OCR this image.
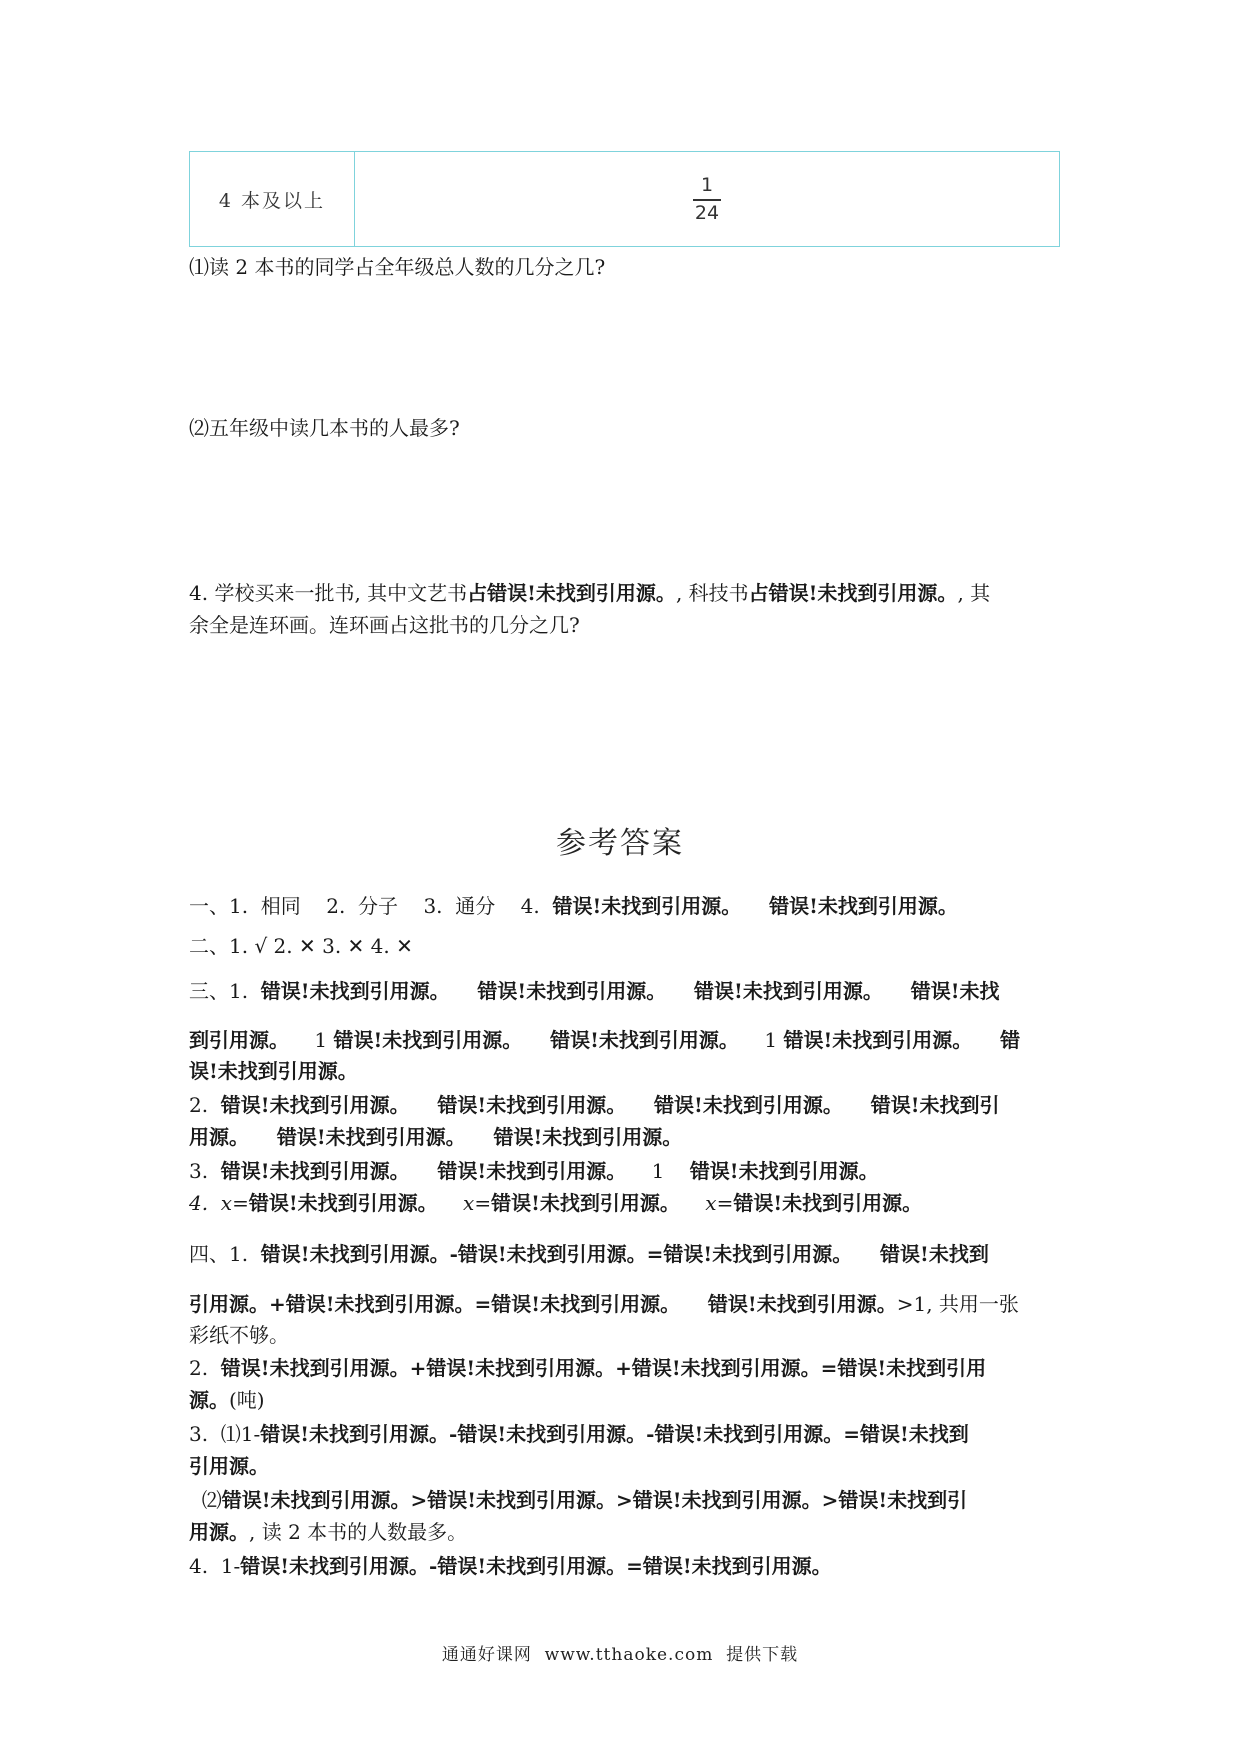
4 本及以上	$\frac{1}{24}$
⑴读 2 本书的同学占全年级总人数的几分之几?
⑵五年级中读几本书的人最多?
4. 学校买来一批书, 其中文艺书占错误!未找到引用源。, 科技书占错误!未找到引用源。, 其
余全是连环画。连环画占这批书的几分之几?
参考答案
一、1.  相同    2.  分子    3.  通分    4.  错误!未找到引用源。    错误!未找到引用源。
二、1. √ 2. ✕ 3. ✕ 4. ✕
三、1.  错误!未找到引用源。    错误!未找到引用源。    错误!未找到引用源。    错误!未找
到引用源。    1 错误!未找到引用源。    错误!未找到引用源。    1 错误!未找到引用源。    错
误!未找到引用源。
2.  错误!未找到引用源。    错误!未找到引用源。    错误!未找到引用源。    错误!未找到引
用源。    错误!未找到引用源。    错误!未找到引用源。
3.  错误!未找到引用源。    错误!未找到引用源。    1    错误!未找到引用源。
4.  x=错误!未找到引用源。    x=错误!未找到引用源。    x=错误!未找到引用源。
四、1.  错误!未找到引用源。-错误!未找到引用源。=错误!未找到引用源。    错误!未找到
引用源。+错误!未找到引用源。=错误!未找到引用源。    错误!未找到引用源。>1, 共用一张
彩纸不够。
2.  错误!未找到引用源。+错误!未找到引用源。+错误!未找到引用源。=错误!未找到引用
源。(吨)
3.  ⑴1-错误!未找到引用源。-错误!未找到引用源。-错误!未找到引用源。=错误!未找到
引用源。
⑵错误!未找到引用源。>错误!未找到引用源。>错误!未找到引用源。>错误!未找到引
用源。, 读 2 本书的人数最多。
4.  1-错误!未找到引用源。-错误!未找到引用源。=错误!未找到引用源。
通通好课网  www.tthaoke.com  提供下载
